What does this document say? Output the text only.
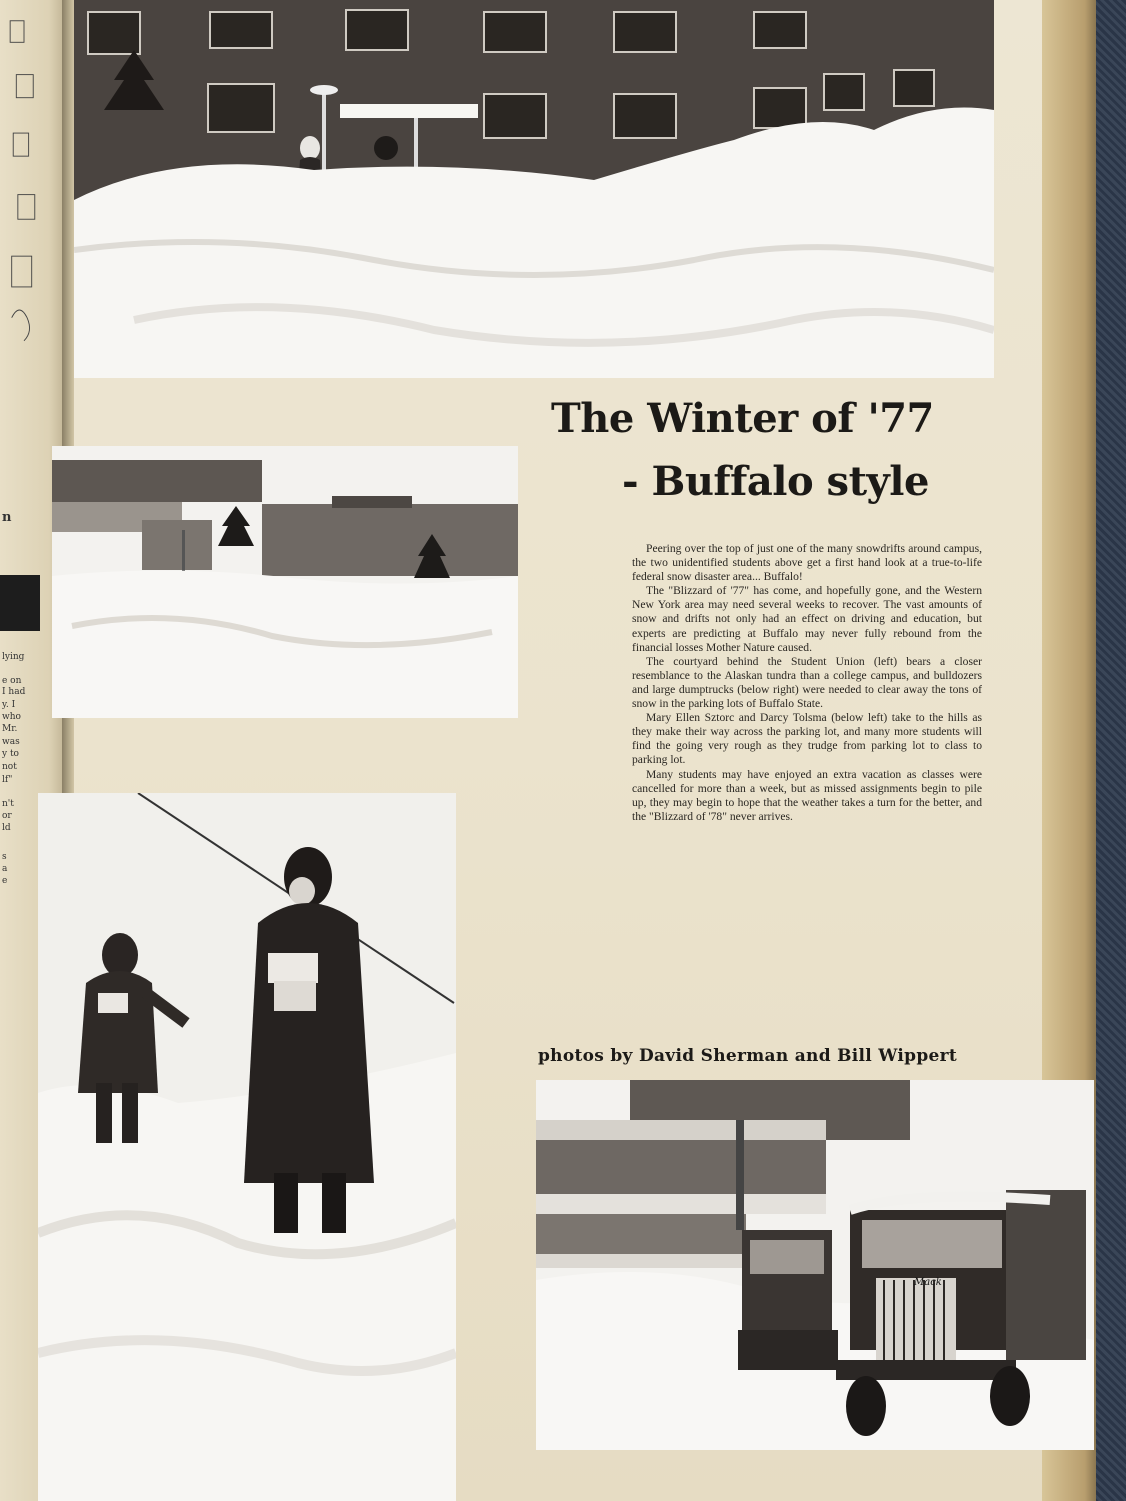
n
lying
e on
I had
y. I
who
Mr.
was
y to
not
lf"
n't
or
ld
s
a
e
The Winter of '77
- Buffalo style

Peering over the top of just one of the many snowdrifts around campus, the two unidentified students above get a first hand look at a true-to-life federal snow disaster area... Buffalo!

The "Blizzard of '77" has come, and hopefully gone, and the Western New York area may need several weeks to recover. The vast amounts of snow and drifts not only had an effect on driving and education, but experts are predicting at Buffalo may never fully rebound from the financial losses Mother Nature caused.

The courtyard behind the Student Union (left) bears a closer resemblance to the Alaskan tundra than a college campus, and bulldozers and large dumptrucks (below right) were needed to clear away the tons of snow in the parking lots of Buffalo State.

Mary Ellen Sztorc and Darcy Tolsma (below left) take to the hills as they make their way across the parking lot, and many more students will find the going very rough as they trudge from parking lot to class to parking lot.

Many students may have enjoyed an extra vacation as classes were cancelled for more than a week, but as missed assignments begin to pile up, they may begin to hope that the weather takes a turn for the better, and the "Blizzard of '78" never arrives.

photos by David Sherman and Bill Wippert
Mack
